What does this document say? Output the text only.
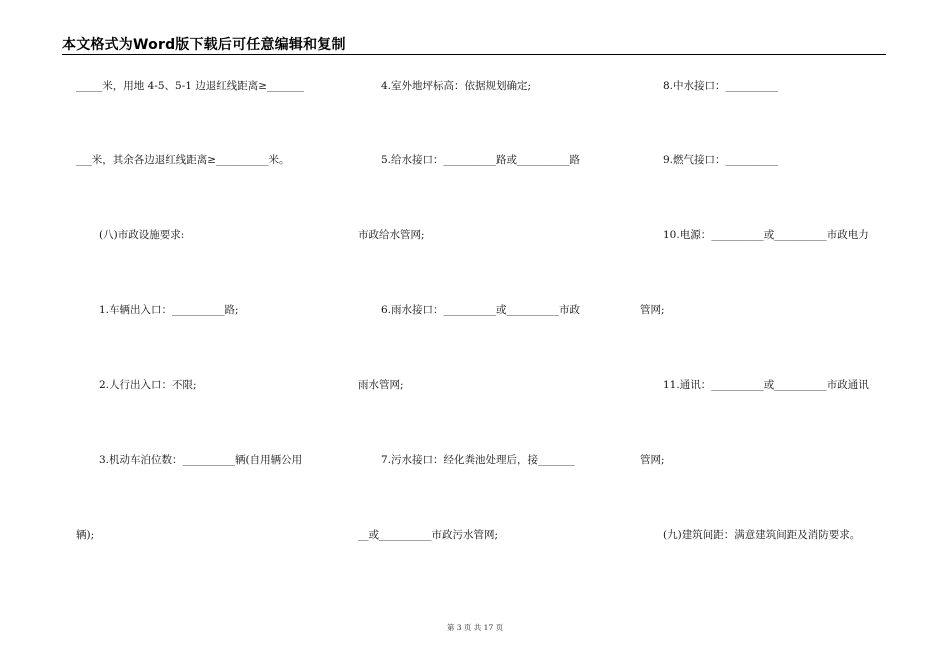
本文格式为Word版下载后可任意编辑和复制
_____米，用地 4-5、5-1 边退红线距离≥_______
___米，其余各边退红线距离≥__________米。
(八)市政设施要求:
1.车辆出入口：__________路;
2.人行出入口：不限;
3.机动车泊位数：__________辆(自用辆公用
辆);
4.室外地坪标高：依据规划确定;
5.给水接口：__________路或__________路
市政给水管网;
6.雨水接口：__________或__________市政
雨水管网;
7.污水接口：经化粪池处理后，接_______
__或__________市政污水管网;
8.中水接口：__________
9.燃气接口：__________
10.电源：__________或__________市政电力
管网;
11.通讯：__________或__________市政通讯
管网;
(九)建筑间距：满意建筑间距及消防要求。
第 3 页 共 17 页
